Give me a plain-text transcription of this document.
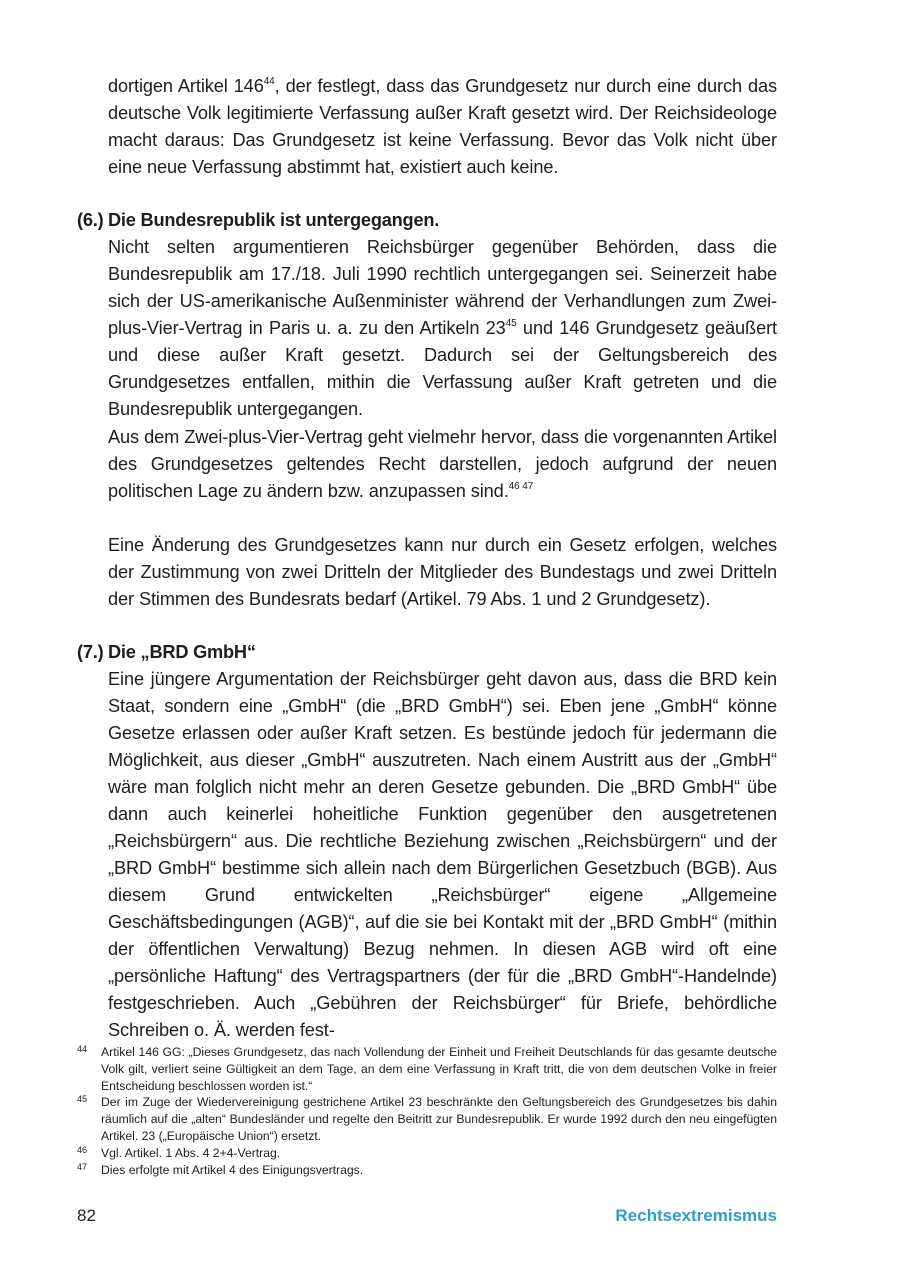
dortigen Artikel $146^{44}$, der festlegt, dass das Grundgesetz nur durch eine durch das deutsche Volk legitimierte Verfassung außer Kraft gesetzt wird. Der Reichsideologe macht daraus: Das Grundgesetz ist keine Verfassung. Bevor das Volk nicht über eine neue Verfassung abstimmt hat, existiert auch keine.

(6.) Die Bundesrepublik ist untergegangen.

Nicht selten argumentieren Reichsbürger gegenüber Behörden, dass die Bundesrepublik am 17./18. Juli 1990 rechtlich untergegangen sei. Seinerzeit habe sich der US-amerikanische Außenminister während der Verhandlungen zum Zwei-plus-Vier-Vertrag in Paris u. a. zu den Artikeln $23^{45}$ und 146 Grundgesetz geäußert und diese außer Kraft gesetzt. Dadurch sei der Geltungsbereich des Grundgesetzes entfallen, mithin die Verfassung außer Kraft getreten und die Bundesrepublik untergegangen.

Aus dem Zwei-plus-Vier-Vertrag geht vielmehr hervor, dass die vorgenannten Artikel des Grundgesetzes geltendes Recht darstellen, jedoch aufgrund der neuen politischen Lage zu ändern bzw. anzupassen sind.$^{46 47}$

Eine Änderung des Grundgesetzes kann nur durch ein Gesetz erfolgen, welches der Zustimmung von zwei Dritteln der Mitglieder des Bundestags und zwei Dritteln der Stimmen des Bundesrats bedarf (Artikel. 79 Abs. 1 und 2 Grundgesetz).

(7.) Die „BRD GmbH“

Eine jüngere Argumentation der Reichsbürger geht davon aus, dass die BRD kein Staat, sondern eine „GmbH“ (die „BRD GmbH“) sei. Eben jene „GmbH“ könne Gesetze erlassen oder außer Kraft setzen. Es bestünde jedoch für jedermann die Möglichkeit, aus dieser „GmbH“ auszutreten. Nach einem Austritt aus der „GmbH“ wäre man folglich nicht mehr an deren Gesetze gebunden. Die „BRD GmbH“ übe dann auch keinerlei hoheitliche Funktion gegenüber den ausgetretenen „Reichsbürgern“ aus. Die rechtliche Beziehung zwischen „Reichsbürgern“ und der „BRD GmbH“ bestimme sich allein nach dem Bürgerlichen Gesetzbuch (BGB). Aus diesem Grund entwickelten „Reichsbürger“ eigene „Allgemeine Geschäftsbedingungen (AGB)“, auf die sie bei Kontakt mit der „BRD GmbH“ (mithin der öffentlichen Verwaltung) Bezug nehmen. In diesen AGB wird oft eine „persönliche Haftung“ des Vertragspartners (der für die „BRD GmbH“-Handelnde) festgeschrieben. Auch „Gebühren der Reichsbürger“ für Briefe, behördliche Schreiben o. Ä. werden fest-

44 Artikel 146 GG: „Dieses Grundgesetz, das nach Vollendung der Einheit und Freiheit Deutschlands für das gesamte deutsche Volk gilt, verliert seine Gültigkeit an dem Tage, an dem eine Verfassung in Kraft tritt, die von dem deutschen Volke in freier Entscheidung beschlossen worden ist.“
45 Der im Zuge der Wiedervereinigung gestrichene Artikel 23 beschränkte den Geltungsbereich des Grundgesetzes bis dahin räumlich auf die „alten“ Bundesländer und regelte den Beitritt zur Bundesrepublik. Er wurde 1992 durch den neu eingefügten Artikel. 23 („Europäische Union“) ersetzt.
46 Vgl. Artikel. 1 Abs. 4 2+4-Vertrag.
47 Dies erfolgte mit Artikel 4 des Einigungsvertrags.

82	Rechtsextremismus
